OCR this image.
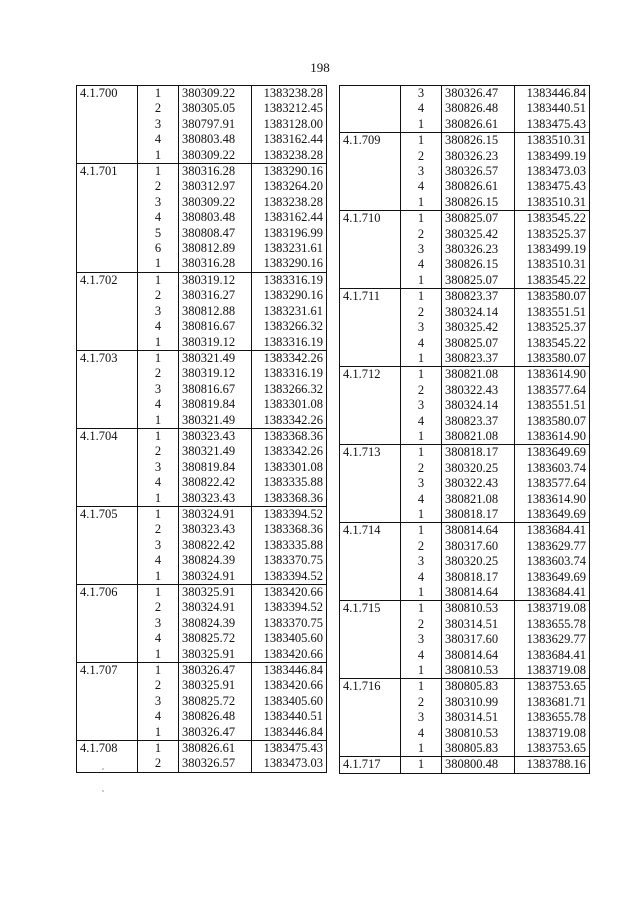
198
4.1.700	1	380309.22	1383238.28
	2	380305.05	1383212.45
	3	380797.91	1383128.00
	4	380803.48	1383162.44
	1	380309.22	1383238.28
4.1.701	1	380316.28	1383290.16
	2	380312.97	1383264.20
	3	380309.22	1383238.28
	4	380803.48	1383162.44
	5	380808.47	1383196.99
	6	380812.89	1383231.61
	1	380316.28	1383290.16
4.1.702	1	380319.12	1383316.19
	2	380316.27	1383290.16
	3	380812.88	1383231.61
	4	380816.67	1383266.32
	1	380319.12	1383316.19
4.1.703	1	380321.49	1383342.26
	2	380319.12	1383316.19
	3	380816.67	1383266.32
	4	380819.84	1383301.08
	1	380321.49	1383342.26
4.1.704	1	380323.43	1383368.36
	2	380321.49	1383342.26
	3	380819.84	1383301.08
	4	380822.42	1383335.88
	1	380323.43	1383368.36
4.1.705	1	380324.91	1383394.52
	2	380323.43	1383368.36
	3	380822.42	1383335.88
	4	380824.39	1383370.75
	1	380324.91	1383394.52
4.1.706	1	380325.91	1383420.66
	2	380324.91	1383394.52
	3	380824.39	1383370.75
	4	380825.72	1383405.60
	1	380325.91	1383420.66
4.1.707	1	380326.47	1383446.84
	2	380325.91	1383420.66
	3	380825.72	1383405.60
	4	380826.48	1383440.51
	1	380326.47	1383446.84
4.1.708	1	380826.61	1383475.43
	2	380326.57	1383473.03
	3	380326.47	1383446.84
	4	380826.48	1383440.51
	1	380826.61	1383475.43
4.1.709	1	380826.15	1383510.31
	2	380326.23	1383499.19
	3	380326.57	1383473.03
	4	380826.61	1383475.43
	1	380826.15	1383510.31
4.1.710	1	380825.07	1383545.22
	2	380325.42	1383525.37
	3	380326.23	1383499.19
	4	380826.15	1383510.31
	1	380825.07	1383545.22
4.1.711	1	380823.37	1383580.07
	2	380324.14	1383551.51
	3	380325.42	1383525.37
	4	380825.07	1383545.22
	1	380823.37	1383580.07
4.1.712	1	380821.08	1383614.90
	2	380322.43	1383577.64
	3	380324.14	1383551.51
	4	380823.37	1383580.07
	1	380821.08	1383614.90
4.1.713	1	380818.17	1383649.69
	2	380320.25	1383603.74
	3	380322.43	1383577.64
	4	380821.08	1383614.90
	1	380818.17	1383649.69
4.1.714	1	380814.64	1383684.41
	2	380317.60	1383629.77
	3	380320.25	1383603.74
	4	380818.17	1383649.69
	1	380814.64	1383684.41
4.1.715	1	380810.53	1383719.08
	2	380314.51	1383655.78
	3	380317.60	1383629.77
	4	380814.64	1383684.41
	1	380810.53	1383719.08
4.1.716	1	380805.83	1383753.65
	2	380310.99	1383681.71
	3	380314.51	1383655.78
	4	380810.53	1383719.08
	1	380805.83	1383753.65
4.1.717	1	380800.48	1383788.16
